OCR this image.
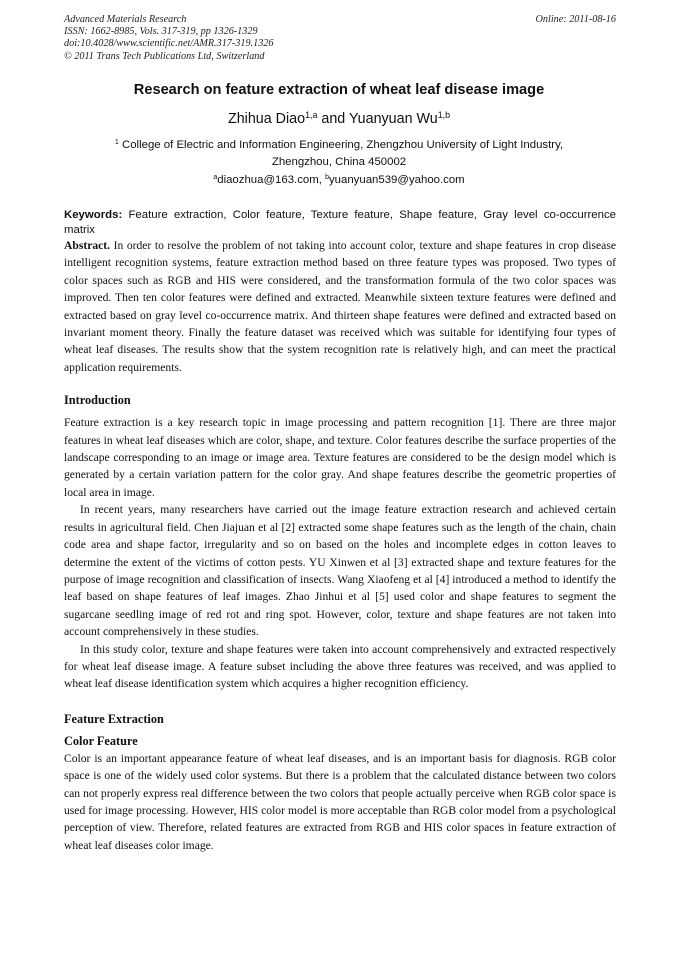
Advanced Materials Research
ISSN: 1662-8985, Vols. 317-319, pp 1326-1329
doi:10.4028/www.scientific.net/AMR.317-319.1326
© 2011 Trans Tech Publications Ltd, Switzerland
Online: 2011-08-16
Research on feature extraction of wheat leaf disease image
Zhihua Diao$^{1,a}$ and Yuanyuan Wu$^{1,b}$
$^1$ College of Electric and Information Engineering, Zhengzhou University of Light Industry,
Zhengzhou, China 450002
$^a$diaozhua@163.com, $^b$yuanyuan539@yahoo.com
Keywords: Feature extraction, Color feature, Texture feature, Shape feature, Gray level co-occurrence matrix

Abstract. In order to resolve the problem of not taking into account color, texture and shape features in crop disease intelligent recognition systems, feature extraction method based on three feature types was proposed. Two types of color spaces such as RGB and HIS were considered, and the transformation formula of the two color spaces was improved. Then ten color features were defined and extracted. Meanwhile sixteen texture features were defined and extracted based on gray level co-occurrence matrix. And thirteen shape features were defined and extracted based on invariant moment theory. Finally the feature dataset was received which was suitable for identifying four types of wheat leaf diseases. The results show that the system recognition rate is relatively high, and can meet the practical application requirements.

Introduction

Feature extraction is a key research topic in image processing and pattern recognition [1]. There are three major features in wheat leaf diseases which are color, shape, and texture. Color features describe the surface properties of the landscape corresponding to an image or image area. Texture features are considered to be the design model which is generated by a certain variation pattern for the color gray. And shape features describe the geometric properties of local area in image.

In recent years, many researchers have carried out the image feature extraction research and achieved certain results in agricultural field. Chen Jiajuan et al [2] extracted some shape features such as the length of the chain, chain code area and shape factor, irregularity and so on based on the holes and incomplete edges in cotton leaves to determine the extent of the victims of cotton pests. YU Xinwen et al [3] extracted shape and texture features for the purpose of image recognition and classification of insects. Wang Xiaofeng et al [4] introduced a method to identify the leaf based on shape features of leaf images. Zhao Jinhui et al [5] used color and shape features to segment the sugarcane seedling image of red rot and ring spot. However, color, texture and shape features are not taken into account comprehensively in these studies.

In this study color, texture and shape features were taken into account comprehensively and extracted respectively for wheat leaf disease image. A feature subset including the above three features was received, and was applied to wheat leaf disease identification system which acquires a higher recognition efficiency.

Feature Extraction
Color Feature

Color is an important appearance feature of wheat leaf diseases, and is an important basis for diagnosis. RGB color space is one of the widely used color systems. But there is a problem that the calculated distance between two colors can not properly express real difference between the two colors that people actually perceive when RGB color space is used for image processing. However, HIS color model is more acceptable than RGB color model from a psychological perception of view. Therefore, related features are extracted from RGB and HIS color spaces in feature extraction of wheat leaf diseases color image.
